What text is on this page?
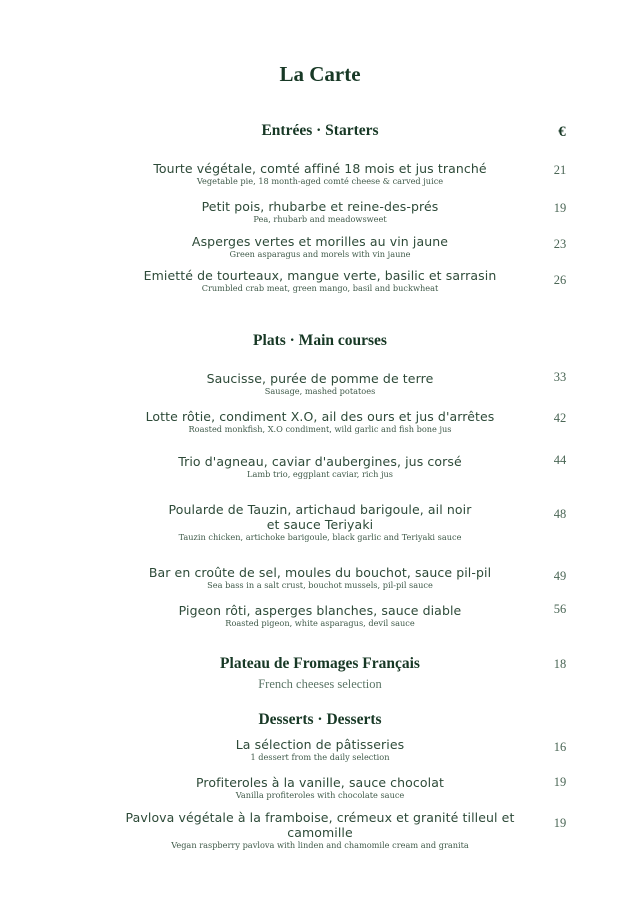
La Carte
Entrées · Starters	€
Tourte végétale, comté affiné 18 mois et jus tranché
Vegetable pie, 18 month-aged comté cheese & carved juice
21
Petit pois, rhubarbe et reine-des-prés
Pea, rhubarb and meadowsweet
19
Asperges vertes et morilles au vin jaune
Green asparagus and morels with vin jaune
23
Emietté de tourteaux, mangue verte, basilic et sarrasin
Crumbled crab meat, green mango, basil and buckwheat
26
Plats · Main courses
Saucisse, purée de pomme de terre
Sausage, mashed potatoes
33
Lotte rôtie, condiment X.O, ail des ours et jus d'arrêtes
Roasted monkfish, X.O condiment, wild garlic and fish bone jus
42
Trio d'agneau, caviar d'aubergines, jus corsé
Lamb trio, eggplant caviar, rich jus
44
Poularde de Tauzin, artichaud barigoule, ail noir
et sauce Teriyaki
Tauzin chicken, artichoke barigoule, black garlic and Teriyaki sauce
48
Bar en croûte de sel, moules du bouchot, sauce pil-pil
Sea bass in a salt crust, bouchot mussels, pil-pil sauce
49
Pigeon rôti, asperges blanches, sauce diable
Roasted pigeon, white asparagus, devil sauce
56
Plateau de Fromages Français
French cheeses selection
18
Desserts · Desserts
La sélection de pâtisseries
1 dessert from the daily selection
16
Profiteroles à la vanille, sauce chocolat
Vanilla profiteroles with chocolate sauce
19
Pavlova végétale à la framboise, crémeux et granité tilleul et
camomille
Vegan raspberry pavlova with linden and chamomile cream and granita
19
